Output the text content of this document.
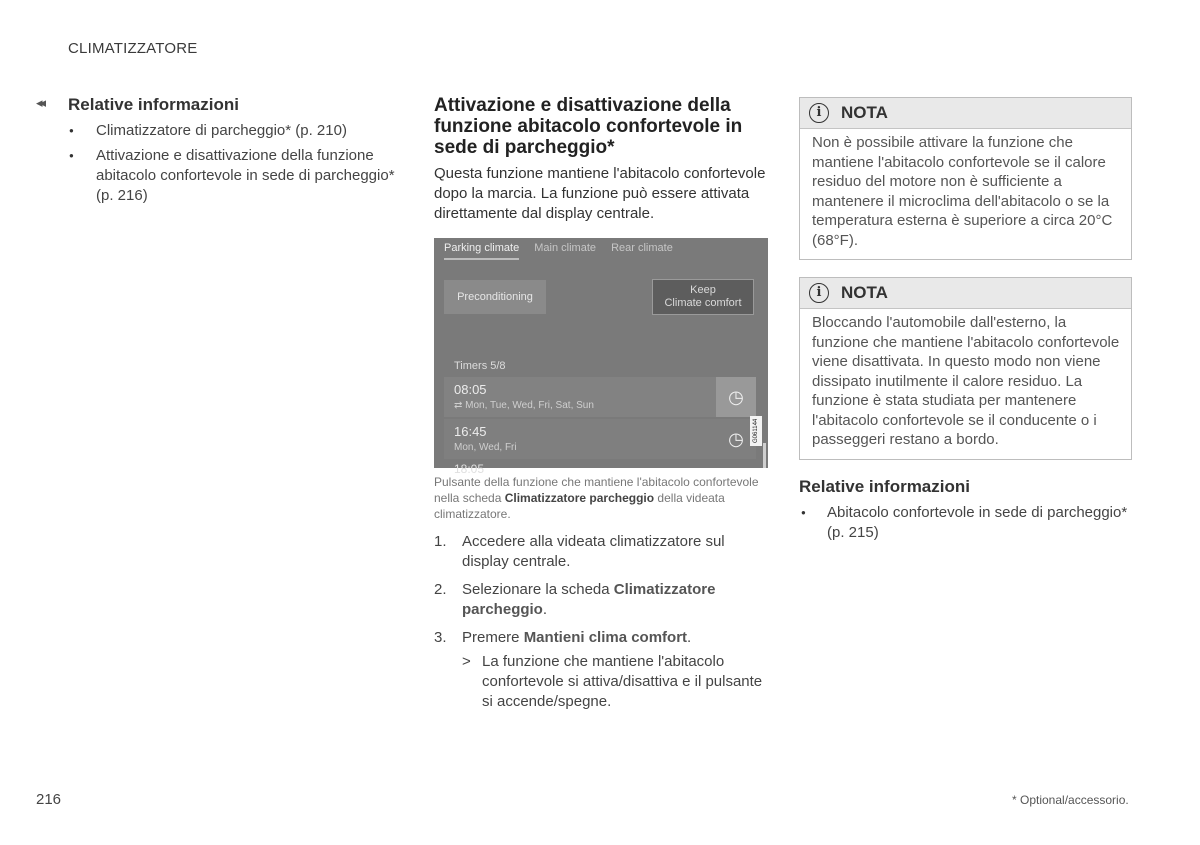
CLIMATIZZATORE
◂◂ Relative informazioni
● Climatizzatore di parcheggio* (p. 210)
● Attivazione e disattivazione della funzione abitacolo confortevole in sede di parcheggio* (p. 216)
Attivazione e disattivazione della funzione abitacolo confortevole in sede di parcheggio*

Questa funzione mantiene l'abitacolo confortevole dopo la marcia. La funzione può essere attivata direttamente dal display centrale.

Parking climate Main climate Rear climate
Preconditioning
Keep
Climate comfort
Timers 5/8
08:05
⇄ Mon, Tue, Wed, Fri, Sat, Sun	◷
16:45
Mon, Wed, Fri	◷
18:05
G061144
Pulsante della funzione che mantiene l'abitacolo confortevole nella scheda Climatizzatore parcheggio della videata climatizzatore.
1. Accedere alla videata climatizzatore sul display centrale.
2. Selezionare la scheda Climatizzatore parcheggio.
3. Premere Mantieni clima comfort.
> La funzione che mantiene l'abitacolo confortevole si attiva/disattiva e il pulsante si accende/spegne.
i	NOTA
Non è possibile attivare la funzione che mantiene l'abitacolo confortevole se il calore residuo del motore non è sufficiente a mantenere il microclima dell'abitacolo o se la temperatura esterna è superiore a circa 20°C (68°F).
i	NOTA
Bloccando l'automobile dall'esterno, la funzione che mantiene l'abitacolo confortevole viene disattivata. In questo modo non viene dissipato inutilmente il calore residuo. La funzione è stata studiata per mantenere l'abitacolo confortevole se il conducente o i passeggeri restano a bordo.
Relative informazioni
● Abitacolo confortevole in sede di parcheggio* (p. 215)
216	* Optional/accessorio.
